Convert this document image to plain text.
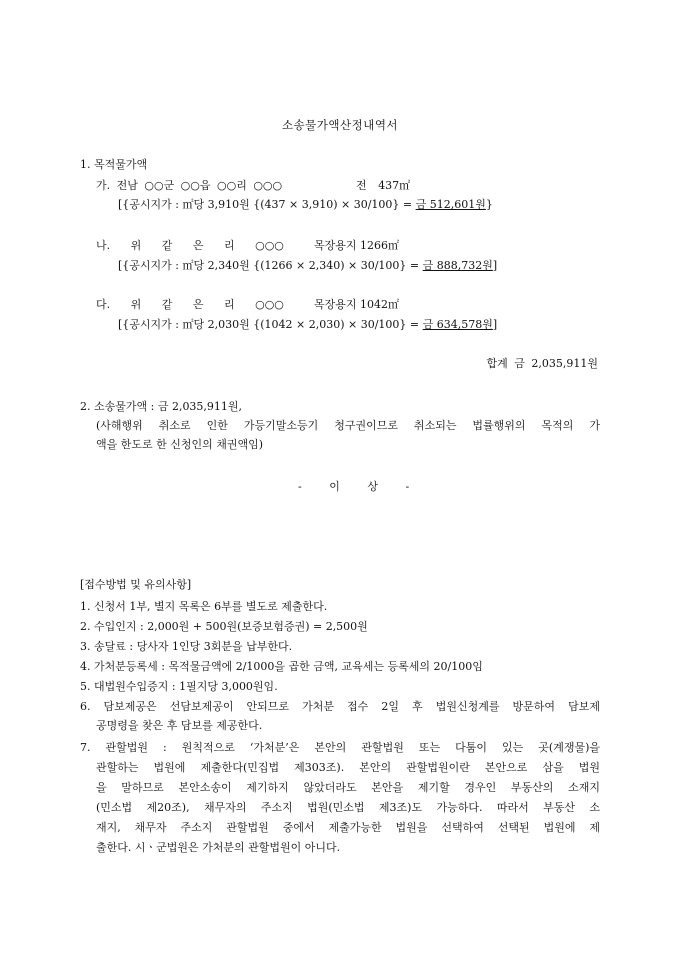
소송물가액산정내역서
1. 목적물가액
가. 전남 ○○군 ○○읍 ○○리 ○○○	전 437㎡
[{공시지가 : ㎡당 3,910원 {(437 × 3,910) × 30/100} = 금 512,601원}
나. 위 같 은 리 ○○○	목장용지 1266㎡
[{공시지가 : ㎡당 2,340원 {(1266 × 2,340) × 30/100} = 금 888,732원]
다. 위 같 은 리 ○○○	목장용지 1042㎡
[{공시지가 : ㎡당 2,030원 {(1042 × 2,030) × 30/100} = 금 634,578원]
합계 금 2,035,911원
2. 소송물가액 : 금 2,035,911원,
(사해행위 취소로 인한 가등기말소등기 청구권이므로 취소되는 법률행위의 목적의 가
액을 한도로 한 신청인의 채권액임)
- 이 상 -
[접수방법 및 유의사항]
1. 신청서 1부, 별지 목록은 6부를 별도로 제출한다.
2. 수입인지 : 2,000원 + 500원(보증보험증권) = 2,500원
3. 송달료 : 당사자 1인당 3회분을 납부한다.
4. 가처분등록세 : 목적물금액에 2/1000을 곱한 금액, 교육세는 등록세의 20/100임
5. 대법원수입증지 : 1필지당 3,000원임.
6. 담보제공은 선담보제공이 안되므로 가처분 접수 2일 후 법원신청계를 방문하여 담보제
공명령을 찾은 후 담보를 제공한다.
7. 관할법원 : 원칙적으로 ‘가처분’은 본안의 관할법원 또는 다툼이 있는 곳(계쟁물)을
관할하는 법원에 제출한다(민집법 제303조). 본안의 관할법원이란 본안으로 삼을 법원
을 말하므로 본안소송이 제기하지 않았더라도 본안을 제기할 경우인 부동산의 소재지
(민소법 제20조), 채무자의 주소지 법원(민소법 제3조)도 가능하다. 따라서 부동산 소
재지, 채무자 주소지 관할법원 중에서 제출가능한 법원을 선택하여 선택된 법원에 제
출한다. 시ㆍ군법원은 가처분의 관할법원이 아니다.
